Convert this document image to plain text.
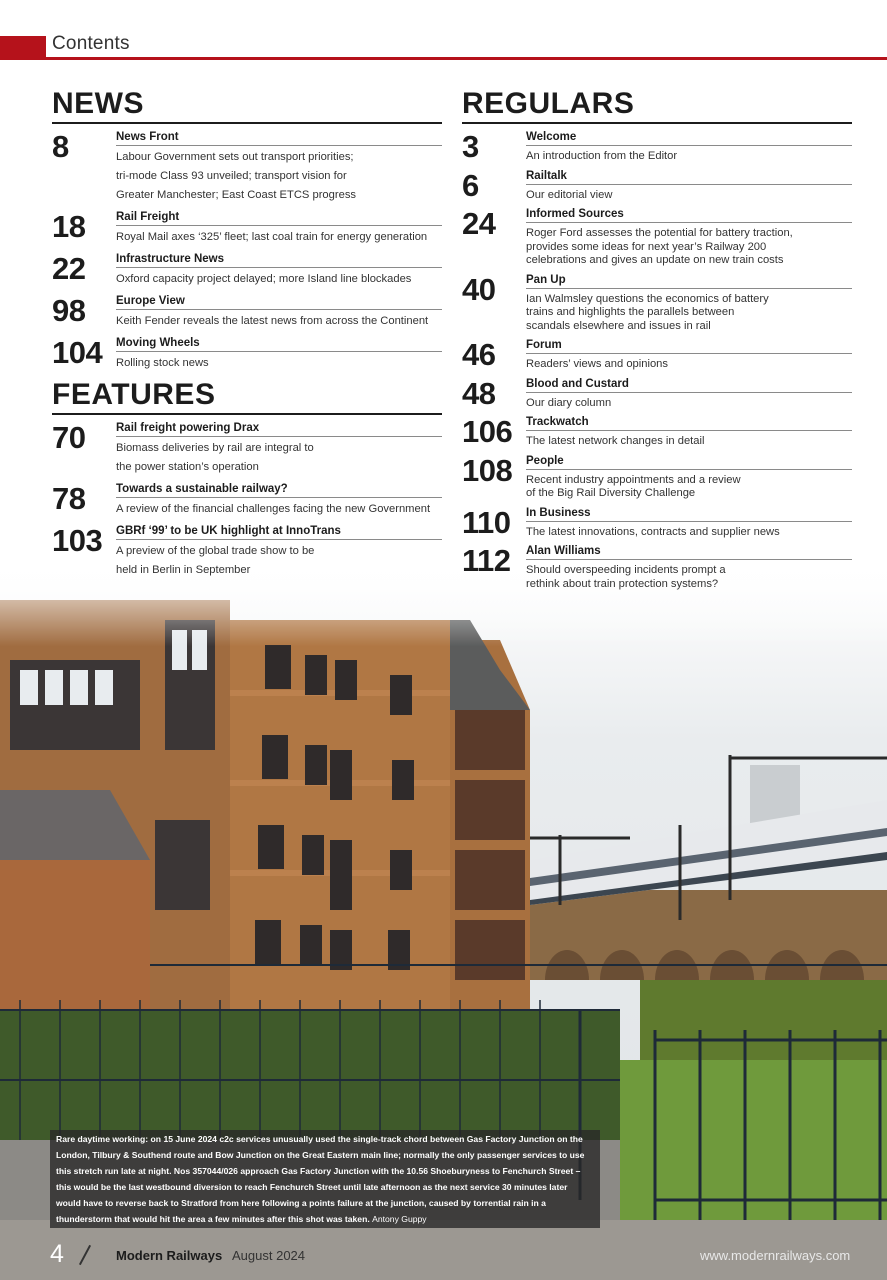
Contents
NEWS
8	News Front
Labour Government sets out transport priorities;
tri-mode Class 93 unveiled; transport vision for
Greater Manchester; East Coast ETCS progress
18	Rail Freight
Royal Mail axes ‘325’ fleet; last coal train for energy generation
22	Infrastructure News
Oxford capacity project delayed; more Island line blockades
98	Europe View
Keith Fender reveals the latest news from across the Continent
104	Moving Wheels
Rolling stock news
FEATURES
70	Rail freight powering Drax
Biomass deliveries by rail are integral to
the power station’s operation
78	Towards a sustainable railway?
A review of the financial challenges facing the new Government
103	GBRf ‘99’ to be UK highlight at InnoTrans
A preview of the global trade show to be
held in Berlin in September
REGULARS
3	Welcome
An introduction from the Editor
6	Railtalk
Our editorial view
24	Informed Sources
Roger Ford assesses the potential for battery traction,
provides some ideas for next year’s Railway 200
celebrations and gives an update on new train costs
40	Pan Up
Ian Walmsley questions the economics of battery
trains and highlights the parallels between
scandals elsewhere and issues in rail
46	Forum
Readers’ views and opinions
48	Blood and Custard
Our diary column
106	Trackwatch
The latest network changes in detail
108	People
Recent industry appointments and a review
of the Big Rail Diversity Challenge
110	In Business
The latest innovations, contracts and supplier news
112	Alan Williams
Should overspeeding incidents prompt a
rethink about train protection systems?
Rare daytime working: on 15 June 2024 c2c services unusually used the single-track chord between Gas Factory Junction on the London, Tilbury & Southend route and Bow Junction on the Great Eastern main line; normally the only passenger services to use this stretch run late at night. Nos 357044/026 approach Gas Factory Junction with the 10.56 Shoeburyness to Fenchurch Street – this would be the last westbound diversion to reach Fenchurch Street until late afternoon as the next service 30 minutes later would have to reverse back to Stratford from here following a points failure at the junction, caused by torrential rain in a thunderstorm that would hit the area a few minutes after this shot was taken. Antony Guppy
4	Modern Railways August 2024	www.modernrailways.com
